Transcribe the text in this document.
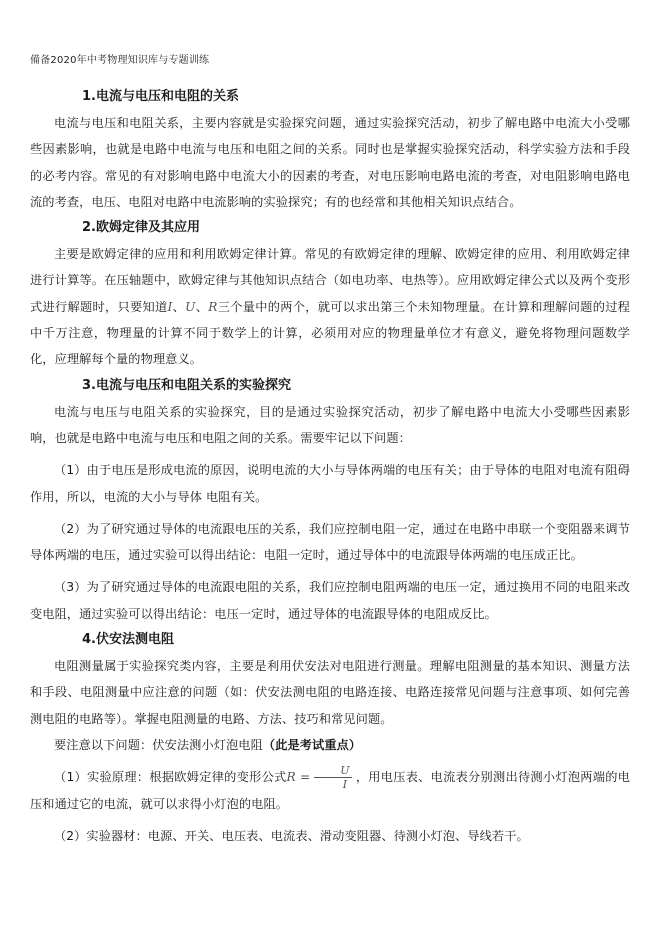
備备2020年中考物理知识库与专题训练
1.电流与电压和电阻的关系

电流与电压和电阻关系，主要内容就是实验探究问题，通过实验探究活动，初步了解电路中电流大小受哪些因素影响，也就是电路中电流与电压和电阻之间的关系。同时也是掌握实验探究活动，科学实验方法和手段的必考内容。常见的有对影响电路中电流大小的因素的考查，对电压影响电路电流的考查，对电阻影响电路电流的考查，电压、电阻对电路中电流影响的实验探究；有的也经常和其他相关知识点结合。

2.欧姆定律及其应用

主要是欧姆定律的应用和利用欧姆定律计算。常见的有欧姆定律的理解、欧姆定律的应用、利用欧姆定律进行计算等。在压轴题中，欧姆定律与其他知识点结合（如电功率、电热等）。应用欧姆定律公式以及两个变形式进行解题时，只要知道I、U、R三个量中的两个，就可以求出第三个未知物理量。在计算和理解问题的过程中千万注意，物理量的计算不同于数学上的计算，必须用对应的物理量单位才有意义，避免将物理问题数学化，应理解每个量的物理意义。

3.电流与电压和电阻关系的实验探究

电流与电压与电阻关系的实验探究，目的是通过实验探究活动，初步了解电路中电流大小受哪些因素影响，也就是电路中电流与电压和电阻之间的关系。需要牢记以下问题：

（1）由于电压是形成电流的原因，说明电流的大小与导体两端的电压有关；由于导体的电阻对电流有阻碍作用，所以，电流的大小与导体 电阻有关。

（2）为了研究通过导体的电流跟电压的关系，我们应控制电阻一定，通过在电路中串联一个变阻器来调节导体两端的电压，通过实验可以得出结论：电阻一定时，通过导体中的电流跟导体两端的电压成正比。

（3）为了研究通过导体的电流跟电阻的关系，我们应控制电阻两端的电压一定，通过换用不同的电阻来改变电阻，通过实验可以得出结论：电压一定时，通过导体的电流跟导体的电阻成反比。

4.伏安法测电阻

电阻测量属于实验探究类内容，主要是利用伏安法对电阻进行测量。理解电阻测量的基本知识、测量方法和手段、电阻测量中应注意的问题（如：伏安法测电阻的电路连接、电路连接常见问题与注意事项、如何完善测电阻的电路等）。掌握电阻测量的电路、方法、技巧和常见问题。

要注意以下问题：伏安法测小灯泡电阻（此是考试重点）

（1）实验原理：根据欧姆定律的变形公式$R = \frac{U}{I}$ ，用电压表、电流表分别测出待测小灯泡两端的电压和通过它的电流，就可以求得小灯泡的电阻。

（2）实验器材：电源、开关、电压表、电流表、滑动变阻器、待测小灯泡、导线若干。
